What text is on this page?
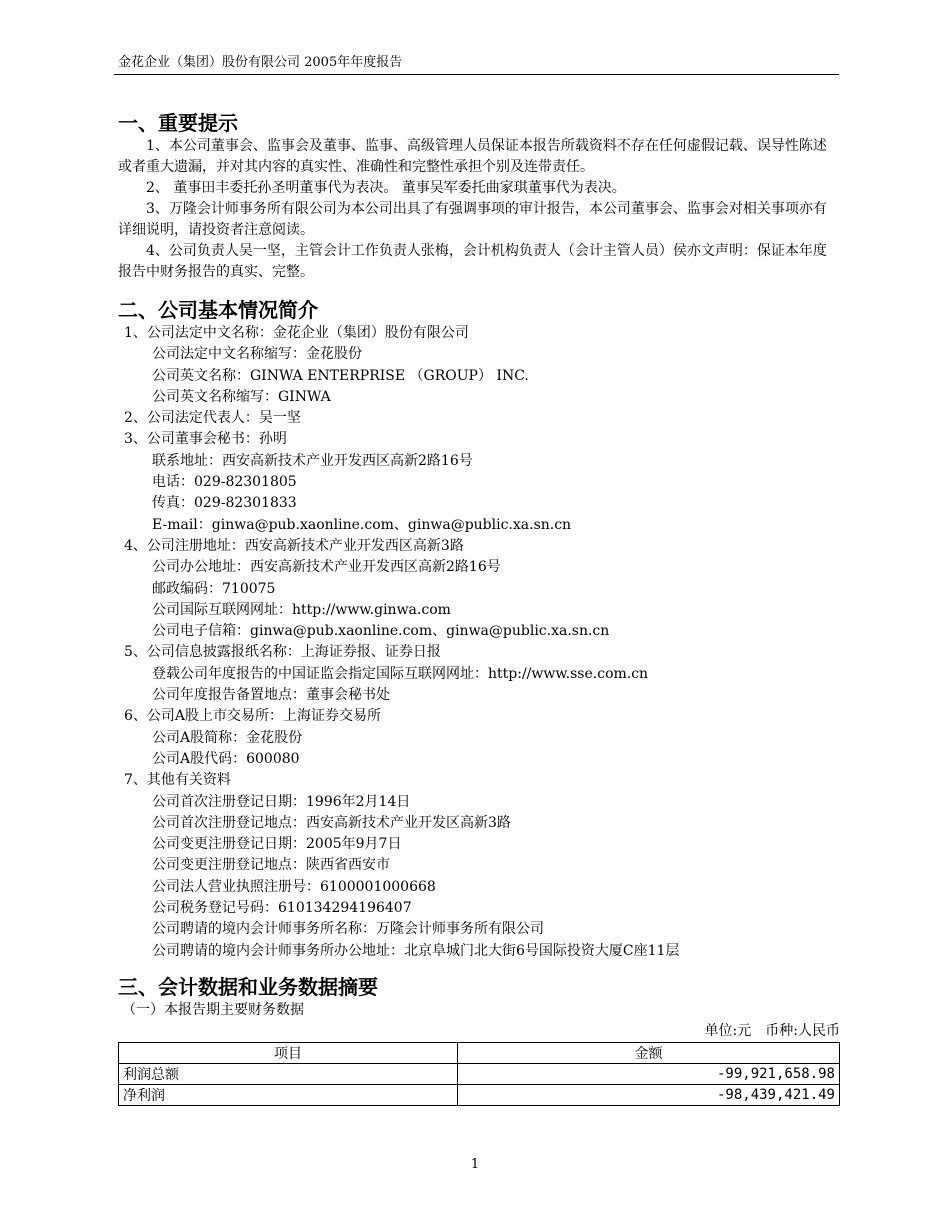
金花企业（集团）股份有限公司 2005年年度报告
一、重要提示

1、本公司董事会、监事会及董事、监事、高级管理人员保证本报告所载资料不存在任何虚假记载、误导性陈述或者重大遗漏，并对其内容的真实性、准确性和完整性承担个别及连带责任。

2、 董事田丰委托孙圣明董事代为表决。 董事吴军委托曲家琪董事代为表决。

3、万隆会计师事务所有限公司为本公司出具了有强调事项的审计报告，本公司董事会、监事会对相关事项亦有详细说明，请投资者注意阅读。

4、公司负责人吴一坚，主管会计工作负责人张梅，会计机构负责人（会计主管人员）侯亦文声明：保证本年度报告中财务报告的真实、完整。

二、公司基本情况简介
1、公司法定中文名称：金花企业（集团）股份有限公司
公司法定中文名称缩写：金花股份
公司英文名称：GINWA ENTERPRISE （GROUP） INC.
公司英文名称缩写：GINWA
2、公司法定代表人：吴一坚
3、公司董事会秘书：孙明
联系地址：西安高新技术产业开发西区高新2路16号
电话：029-82301805
传真：029-82301833
E-mail：ginwa@pub.xaonline.com、ginwa@public.xa.sn.cn
4、公司注册地址：西安高新技术产业开发西区高新3路
公司办公地址：西安高新技术产业开发西区高新2路16号
邮政编码：710075
公司国际互联网网址：http://www.ginwa.com
公司电子信箱：ginwa@pub.xaonline.com、ginwa@public.xa.sn.cn
5、公司信息披露报纸名称：上海证券报、证券日报
登载公司年度报告的中国证监会指定国际互联网网址：http://www.sse.com.cn
公司年度报告备置地点：董事会秘书处
6、公司A股上市交易所：上海证券交易所
公司A股简称：金花股份
公司A股代码：600080
7、其他有关资料
公司首次注册登记日期：1996年2月14日
公司首次注册登记地点：西安高新技术产业开发区高新3路
公司变更注册登记日期：2005年9月7日
公司变更注册登记地点：陕西省西安市
公司法人营业执照注册号：6100001000668
公司税务登记号码：610134294196407
公司聘请的境内会计师事务所名称：万隆会计师事务所有限公司
公司聘请的境内会计师事务所办公地址：北京阜城门北大街6号国际投资大厦C座11层
三、会计数据和业务数据摘要
（一）本报告期主要财务数据
单位:元　币种:人民币
项目	金额
利润总额	-99,921,658.98
净利润	-98,439,421.49
1
